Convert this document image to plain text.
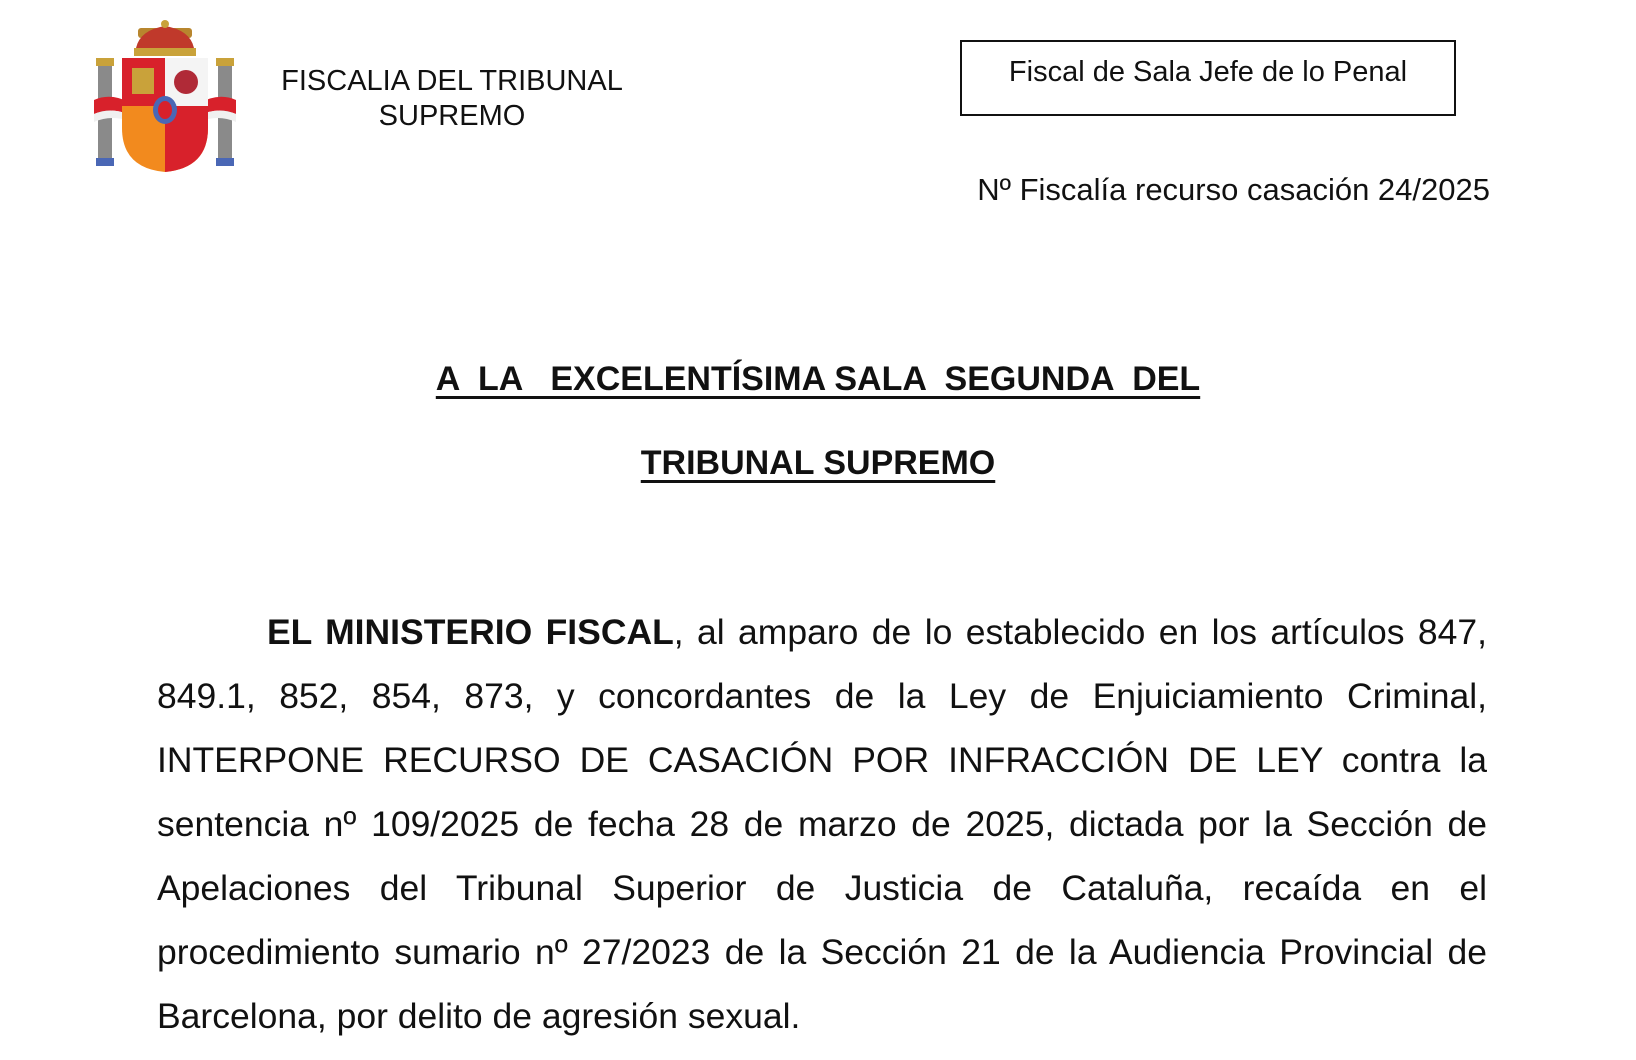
FISCALIA DEL TRIBUNAL
SUPREMO
Fiscal de Sala Jefe de lo Penal
Nº Fiscalía recurso casación 24/2025
A  LA   EXCELENTÍSIMA SALA  SEGUNDA  DEL
TRIBUNAL SUPREMO

EL MINISTERIO FISCAL, al amparo de lo establecido en los artículos 847, 849.1, 852, 854, 873, y concordantes de la Ley de Enjuiciamiento Criminal, INTERPONE RECURSO DE CASACIÓN POR INFRACCIÓN DE LEY contra la sentencia nº 109/2025 de fecha 28 de marzo de 2025, dictada por la Sección de Apelaciones del Tribunal Superior de Justicia de Cataluña, recaída en el procedimiento sumario nº 27/2023 de la Sección 21 de la Audiencia Provincial de Barcelona, por delito de agresión sexual.
